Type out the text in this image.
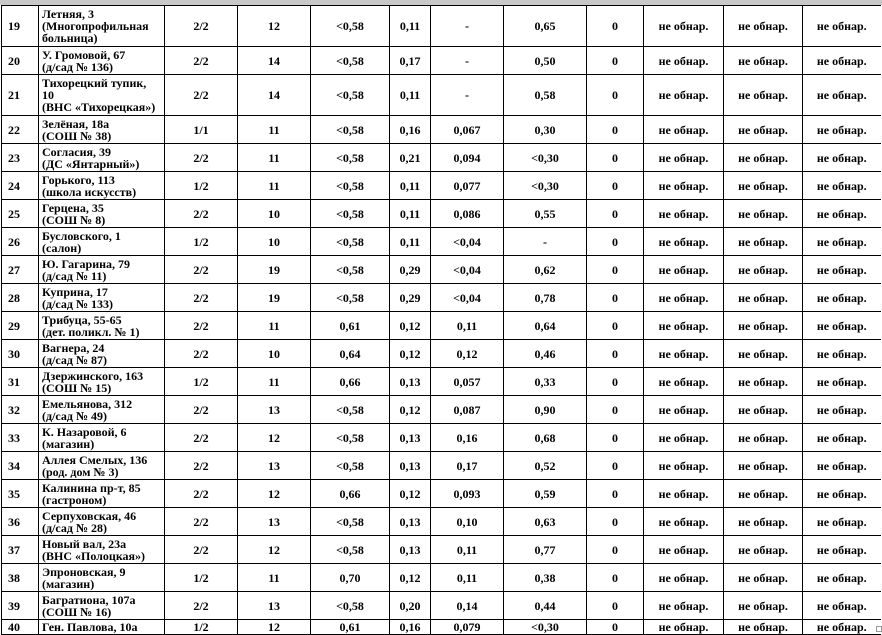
19	Летняя, 3
(Многопрофильная
больница)	2/2	12	<0,58	0,11	-	0,65	0	не обнар.	не обнар.	не обнар.
20	У. Громовой, 67
(д/сад № 136)	2/2	14	<0,58	0,17	-	0,50	0	не обнар.	не обнар.	не обнар.
21	Тихорецкий тупик,
10
(ВНС «Тихорецкая»)	2/2	14	<0,58	0,11	-	0,58	0	не обнар.	не обнар.	не обнар.
22	Зелёная, 18а
(СОШ № 38)	1/1	11	<0,58	0,16	0,067	0,30	0	не обнар.	не обнар.	не обнар.
23	Согласия, 39
(ДС «Янтарный»)	2/2	11	<0,58	0,21	0,094	<0,30	0	не обнар.	не обнар.	не обнар.
24	Горького, 113
(школа искусств)	1/2	11	<0,58	0,11	0,077	<0,30	0	не обнар.	не обнар.	не обнар.
25	Герцена, 35
(СОШ № 8)	2/2	10	<0,58	0,11	0,086	0,55	0	не обнар.	не обнар.	не обнар.
26	Бусловского, 1
(салон)	1/2	10	<0,58	0,11	<0,04	-	0	не обнар.	не обнар.	не обнар.
27	Ю. Гагарина, 79
(д/сад № 11)	2/2	19	<0,58	0,29	<0,04	0,62	0	не обнар.	не обнар.	не обнар.
28	Куприна, 17
(д/сад № 133)	2/2	19	<0,58	0,29	<0,04	0,78	0	не обнар.	не обнар.	не обнар.
29	Трибуца, 55-65
(дет. поликл. № 1)	2/2	11	0,61	0,12	0,11	0,64	0	не обнар.	не обнар.	не обнар.
30	Вагнера, 24
(д/сад № 87)	2/2	10	0,64	0,12	0,12	0,46	0	не обнар.	не обнар.	не обнар.
31	Дзержинского, 163
(СОШ № 15)	1/2	11	0,66	0,13	0,057	0,33	0	не обнар.	не обнар.	не обнар.
32	Емельянова, 312
(д/сад № 49)	2/2	13	<0,58	0,12	0,087	0,90	0	не обнар.	не обнар.	не обнар.
33	К. Назаровой, 6
(магазин)	2/2	12	<0,58	0,13	0,16	0,68	0	не обнар.	не обнар.	не обнар.
34	Аллея Смелых, 136
(род. дом № 3)	2/2	13	<0,58	0,13	0,17	0,52	0	не обнар.	не обнар.	не обнар.
35	Калинина пр-т, 85
(гастроном)	2/2	12	0,66	0,12	0,093	0,59	0	не обнар.	не обнар.	не обнар.
36	Серпуховская, 46
(д/сад № 28)	2/2	13	<0,58	0,13	0,10	0,63	0	не обнар.	не обнар.	не обнар.
37	Новый вал, 23а
(ВНС «Полоцкая»)	2/2	12	<0,58	0,13	0,11	0,77	0	не обнар.	не обнар.	не обнар.
38	Эпроновская, 9
(магазин)	1/2	11	0,70	0,12	0,11	0,38	0	не обнар.	не обнар.	не обнар.
39	Багратиона, 107а
(СОШ № 16)	2/2	13	<0,58	0,20	0,14	0,44	0	не обнар.	не обнар.	не обнар.
40	Ген. Павлова, 10а	1/2	12	0,61	0,16	0,079	<0,30	0	не обнар.	не обнар.	не обнар.
